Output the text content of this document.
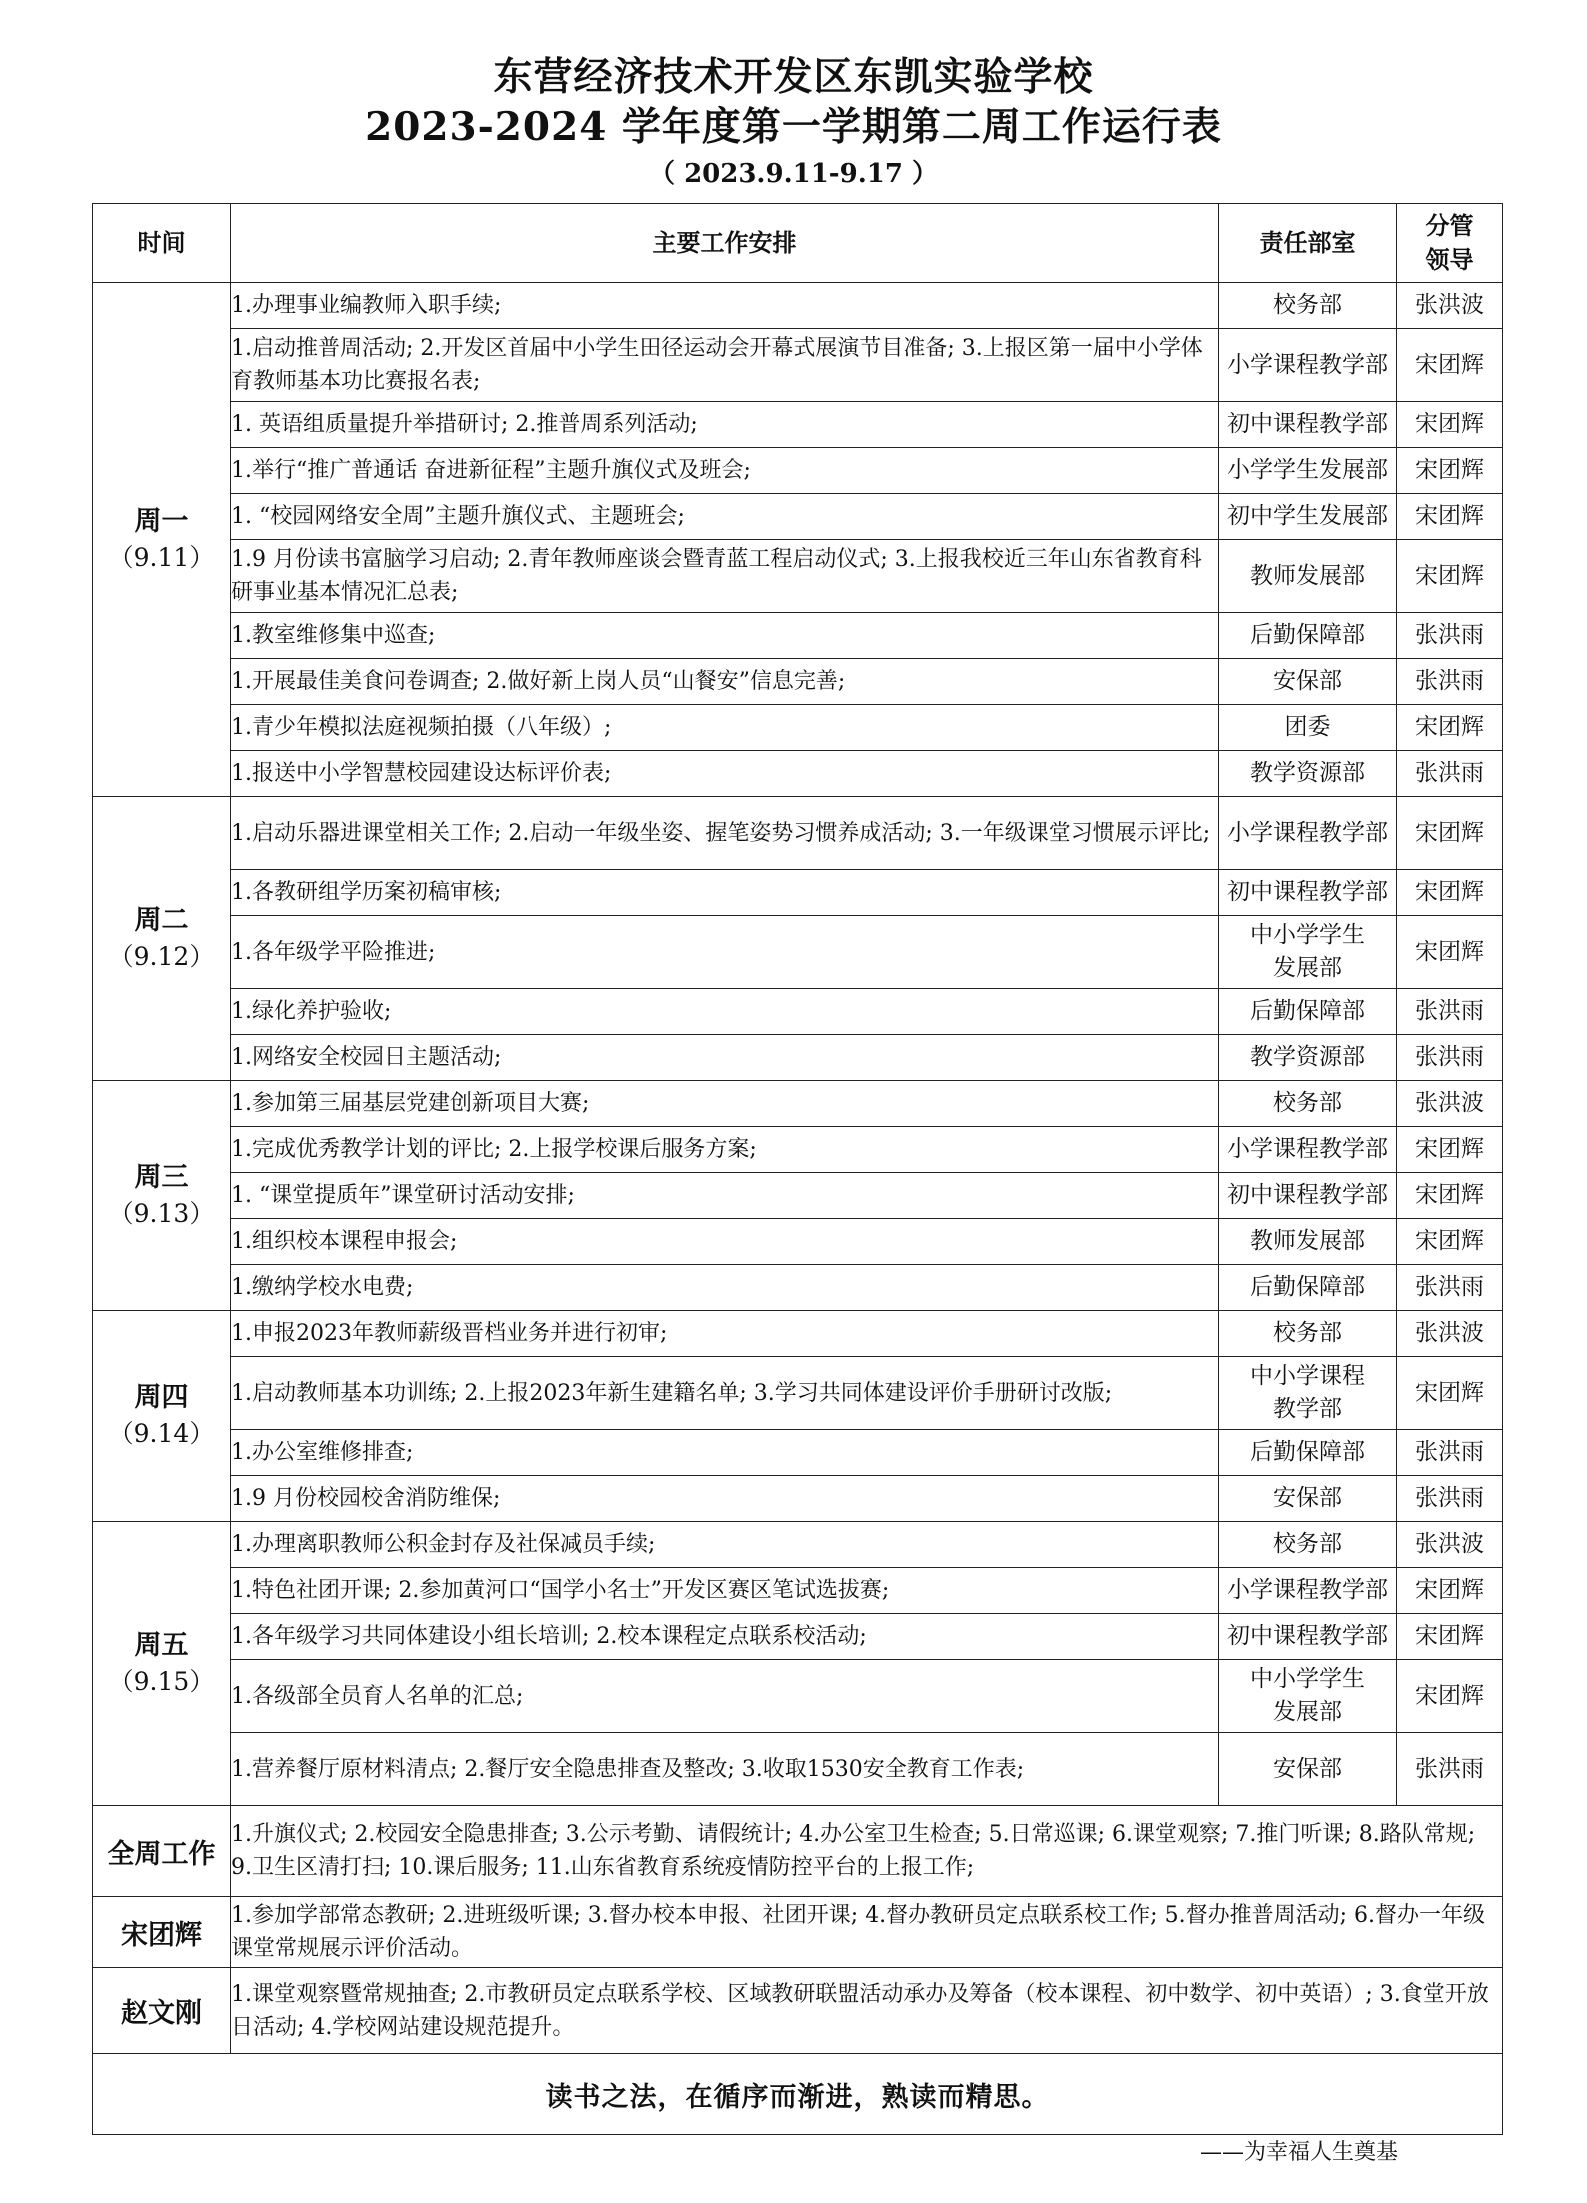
东营经济技术开发区东凯实验学校
2023-2024 学年度第一学期第二周工作运行表
（ 2023.9.11-9.17 ）
时间	主要工作安排	责任部室	分管领导

周一
（9.11）	1.办理事业编教师入职手续;	校务部	张洪波
	1.启动推普周活动; 2.开发区首届中小学生田径运动会开幕式展演节目准备; 3.上报区第一届中小学体育教师基本功比赛报名表;	小学课程教学部	宋团辉
	1. 英语组质量提升举措研讨; 2.推普周系列活动;	初中课程教学部	宋团辉
	1.举行“推广普通话 奋进新征程”主题升旗仪式及班会;	小学学生发展部	宋团辉
	1. “校园网络安全周”主题升旗仪式、主题班会;	初中学生发展部	宋团辉
	1.9 月份读书富脑学习启动; 2.青年教师座谈会暨青蓝工程启动仪式; 3.上报我校近三年山东省教育科研事业基本情况汇总表;	教师发展部	宋团辉
	1.教室维修集中巡查;	后勤保障部	张洪雨
	1.开展最佳美食问卷调查; 2.做好新上岗人员“山餐安”信息完善;	安保部	张洪雨
	1.青少年模拟法庭视频拍摄（八年级）;	团委	宋团辉
	1.报送中小学智慧校园建设达标评价表;	教学资源部	张洪雨

周二
（9.12）	1.启动乐器进课堂相关工作; 2.启动一年级坐姿、握笔姿势习惯养成活动; 3.一年级课堂习惯展示评比;	小学课程教学部	宋团辉
	1.各教研组学历案初稿审核;	初中课程教学部	宋团辉
	1.各年级学平险推进;	中小学学生发展部	宋团辉
	1.绿化养护验收;	后勤保障部	张洪雨
	1.网络安全校园日主题活动;	教学资源部	张洪雨

周三
（9.13）	1.参加第三届基层党建创新项目大赛;	校务部	张洪波
	1.完成优秀教学计划的评比; 2.上报学校课后服务方案;	小学课程教学部	宋团辉
	1. “课堂提质年”课堂研讨活动安排;	初中课程教学部	宋团辉
	1.组织校本课程申报会;	教师发展部	宋团辉
	1.缴纳学校水电费;	后勤保障部	张洪雨

周四
（9.14）	1.申报2023年教师薪级晋档业务并进行初审;	校务部	张洪波
	1.启动教师基本功训练; 2.上报2023年新生建籍名单; 3.学习共同体建设评价手册研讨改版;	中小学课程教学部	宋团辉
	1.办公室维修排查;	后勤保障部	张洪雨
	1.9 月份校园校舍消防维保;	安保部	张洪雨

周五
（9.15）	1.办理离职教师公积金封存及社保减员手续;	校务部	张洪波
	1.特色社团开课; 2.参加黄河口“国学小名士”开发区赛区笔试选拔赛;	小学课程教学部	宋团辉
	1.各年级学习共同体建设小组长培训; 2.校本课程定点联系校活动;	初中课程教学部	宋团辉
	1.各级部全员育人名单的汇总;	中小学学生发展部	宋团辉
	1.营养餐厅原材料清点; 2.餐厅安全隐患排查及整改; 3.收取1530安全教育工作表;	安保部	张洪雨
全周工作	1.升旗仪式; 2.校园安全隐患排查; 3.公示考勤、请假统计; 4.办公室卫生检查; 5.日常巡课; 6.课堂观察; 7.推门听课; 8.路队常规; 9.卫生区清打扫; 10.课后服务; 11.山东省教育系统疫情防控平台的上报工作;		
宋团辉	1.参加学部常态教研; 2.进班级听课; 3.督办校本申报、社团开课; 4.督办教研员定点联系校工作; 5.督办推普周活动; 6.督办一年级课堂常规展示评价活动。		
赵文刚	1.课堂观察暨常规抽查; 2.市教研员定点联系学校、区域教研联盟活动承办及筹备（校本课程、初中数学、初中英语）; 3.食堂开放日活动; 4.学校网站建设规范提升。		
读书之法，在循序而渐进，熟读而精思。			
——为幸福人生奠基
